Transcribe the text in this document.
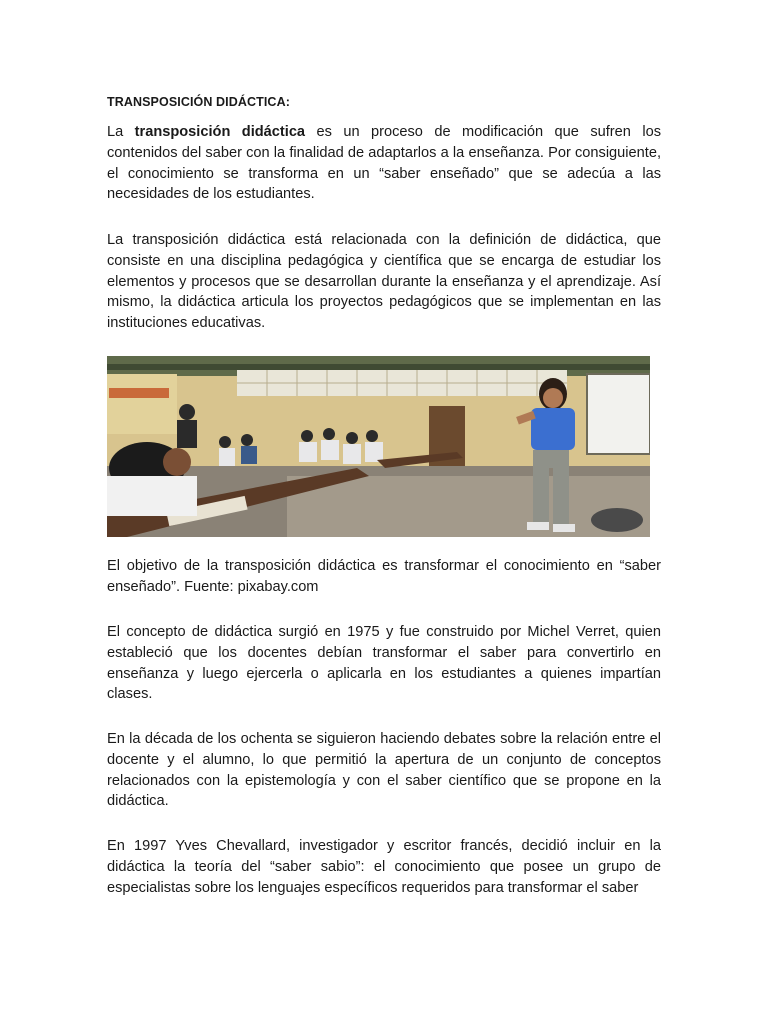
TRANSPOSICIÓN DIDÁCTICA:

La transposición didáctica es un proceso de modificación que sufren los contenidos del saber con la finalidad de adaptarlos a la enseñanza. Por consiguiente, el conocimiento se transforma en un “saber enseñado” que se adecúa a las necesidades de los estudiantes.

La transposición didáctica está relacionada con la definición de didáctica, que consiste en una disciplina pedagógica y científica que se encarga de estudiar los elementos y procesos que se desarrollan durante la enseñanza y el aprendizaje. Así mismo, la didáctica articula los proyectos pedagógicos que se implementan en las instituciones educativas.

El objetivo de la transposición didáctica es transformar el conocimiento en “saber enseñado”. Fuente: pixabay.com

El concepto de didáctica surgió en 1975 y fue construido por Michel Verret, quien estableció que los docentes debían transformar el saber para convertirlo en enseñanza y luego ejercerla o aplicarla en los estudiantes a quienes impartían clases.

En la década de los ochenta se siguieron haciendo debates sobre la relación entre el docente y el alumno, lo que permitió la apertura de un conjunto de conceptos relacionados con la epistemología y con el saber científico que se propone en la didáctica.

En 1997 Yves Chevallard, investigador y escritor francés, decidió incluir en la didáctica la teoría del “saber sabio”: el conocimiento que posee un grupo de especialistas sobre los lenguajes específicos requeridos para transformar el saber
